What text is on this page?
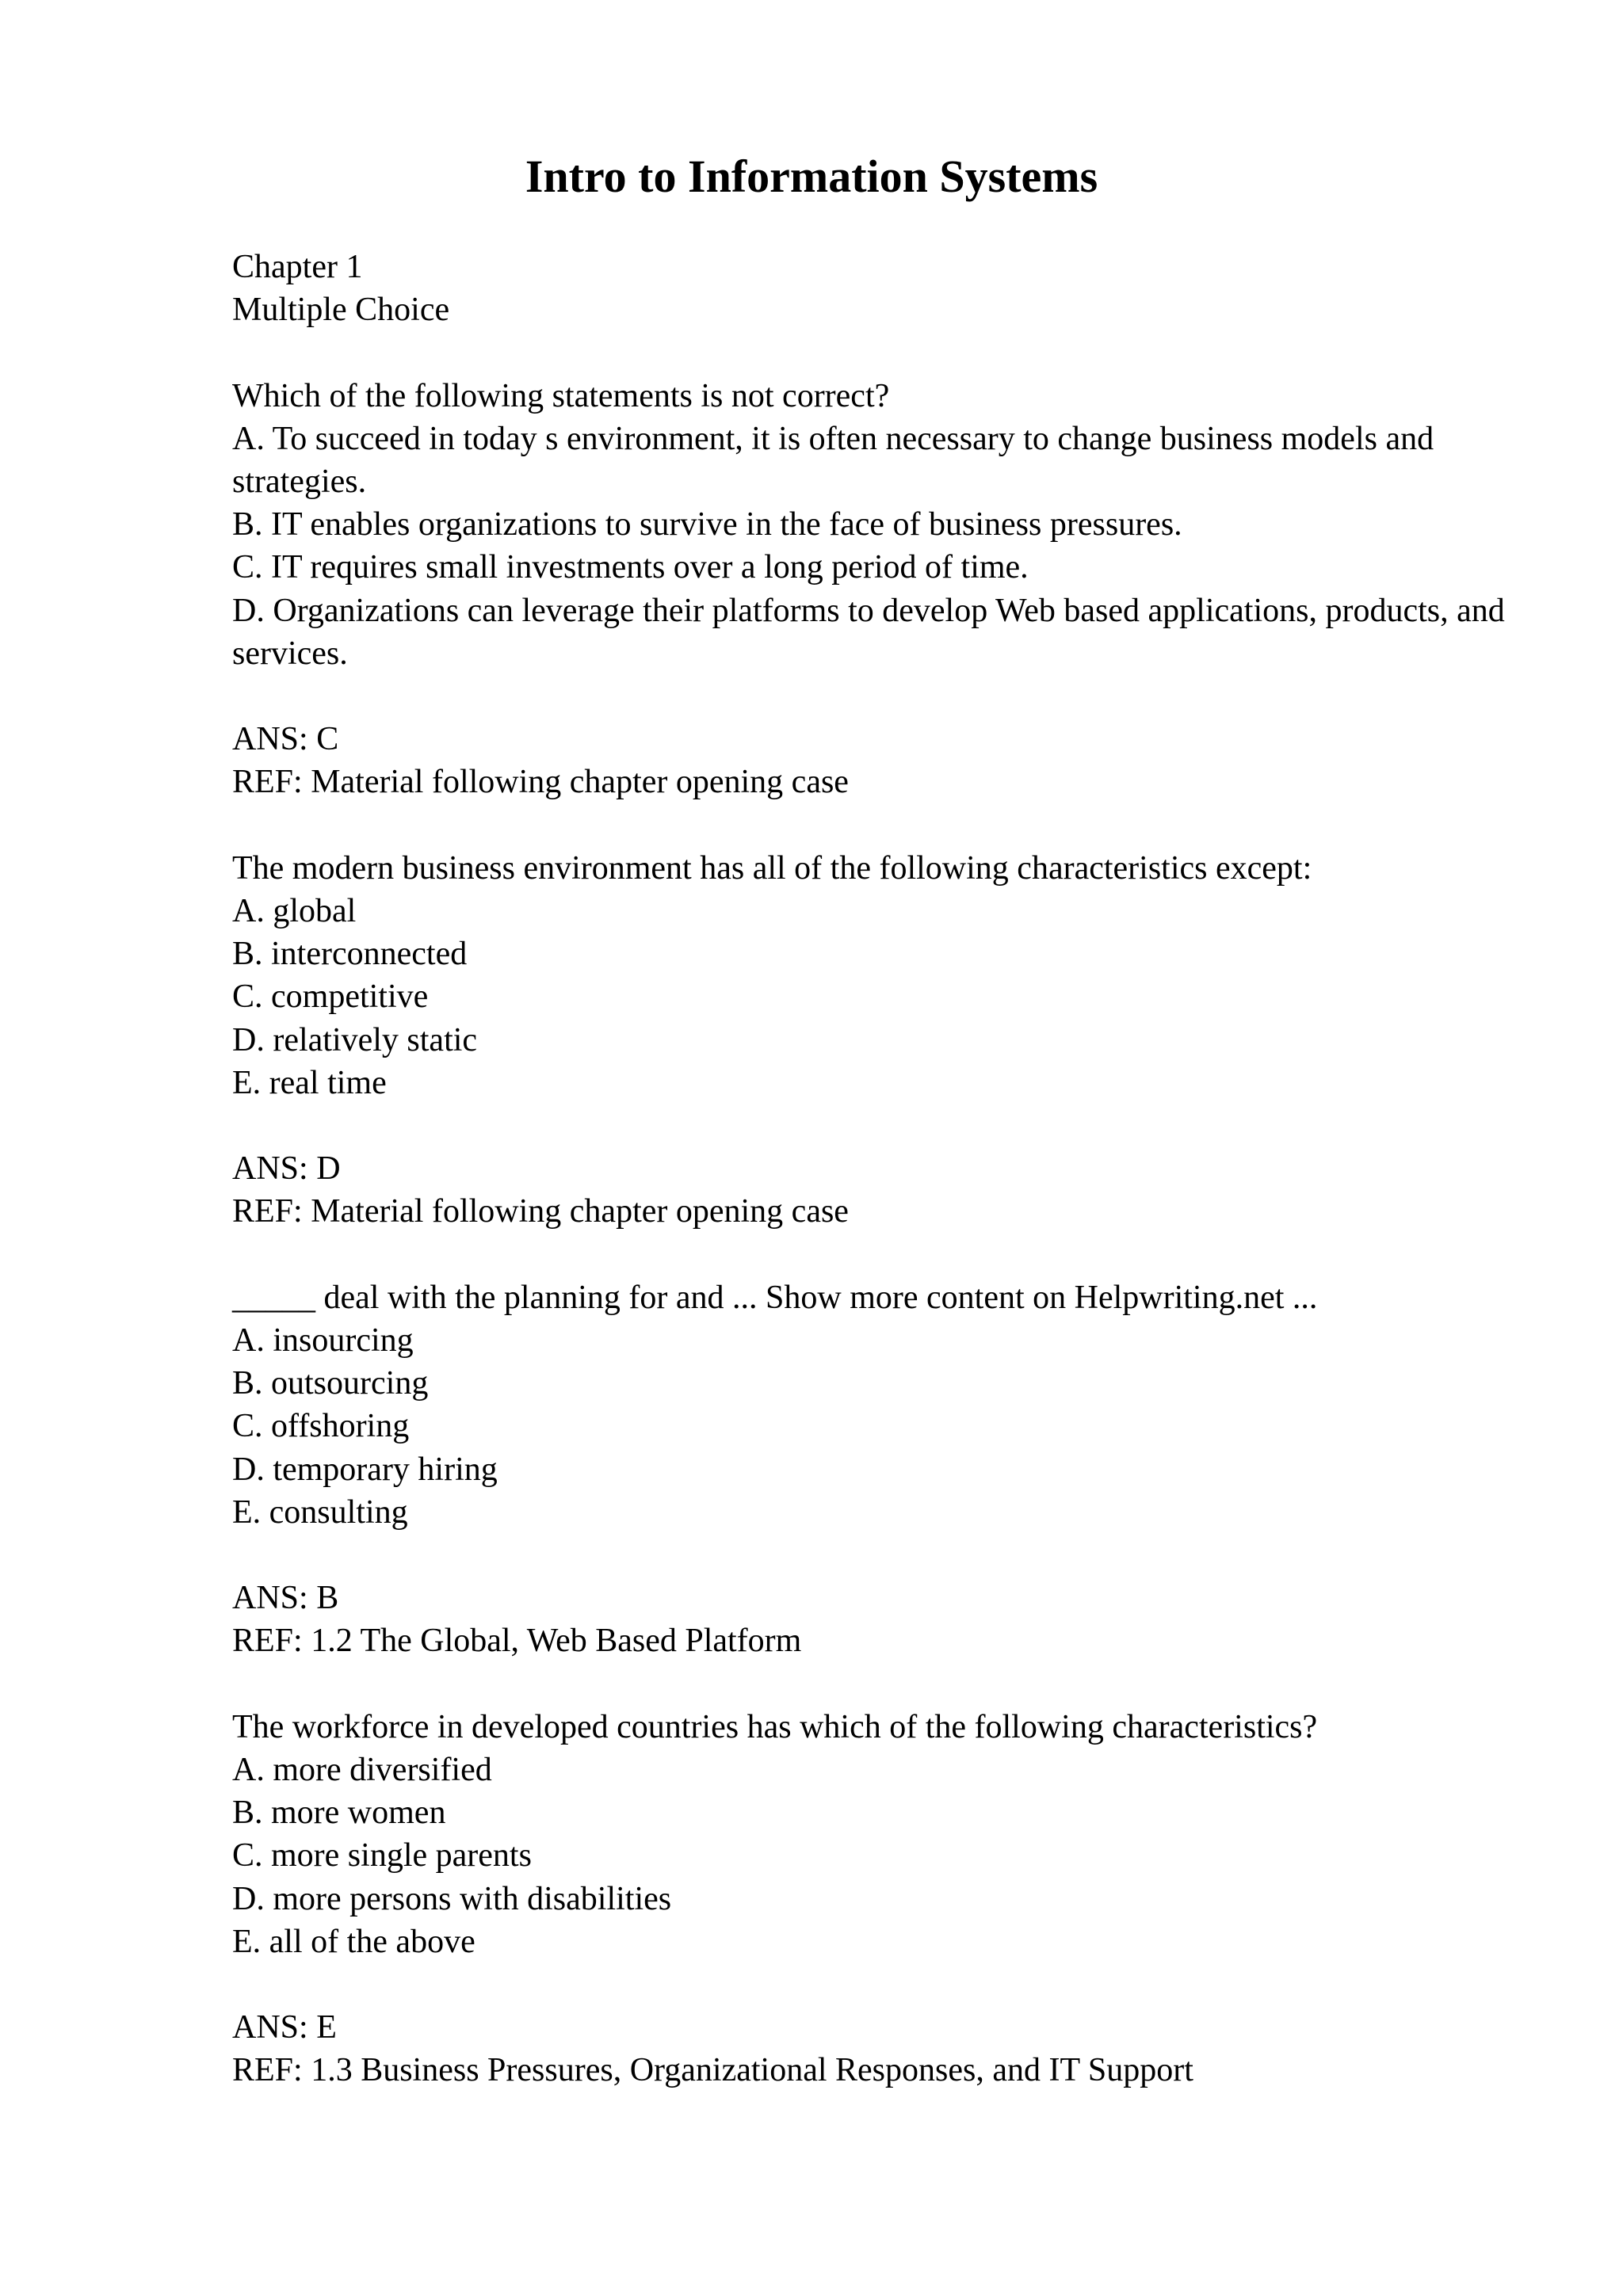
Intro to Information Systems
Chapter 1
Multiple Choice
Which of the following statements is not correct?
A. To succeed in today s environment, it is often necessary to change business models and strategies.
B. IT enables organizations to survive in the face of business pressures.
C. IT requires small investments over a long period of time.
D. Organizations can leverage their platforms to develop Web based applications, products, and services.
ANS: C
REF: Material following chapter opening case
The modern business environment has all of the following characteristics except:
A. global
B. interconnected
C. competitive
D. relatively static
E. real time
ANS: D
REF: Material following chapter opening case
_____ deal with the planning for and ... Show more content on Helpwriting.net ...
A. insourcing
B. outsourcing
C. offshoring
D. temporary hiring
E. consulting
ANS: B
REF: 1.2 The Global, Web Based Platform
The workforce in developed countries has which of the following characteristics?
A. more diversified
B. more women
C. more single parents
D. more persons with disabilities
E. all of the above
ANS: E
REF: 1.3 Business Pressures, Organizational Responses, and IT Support
